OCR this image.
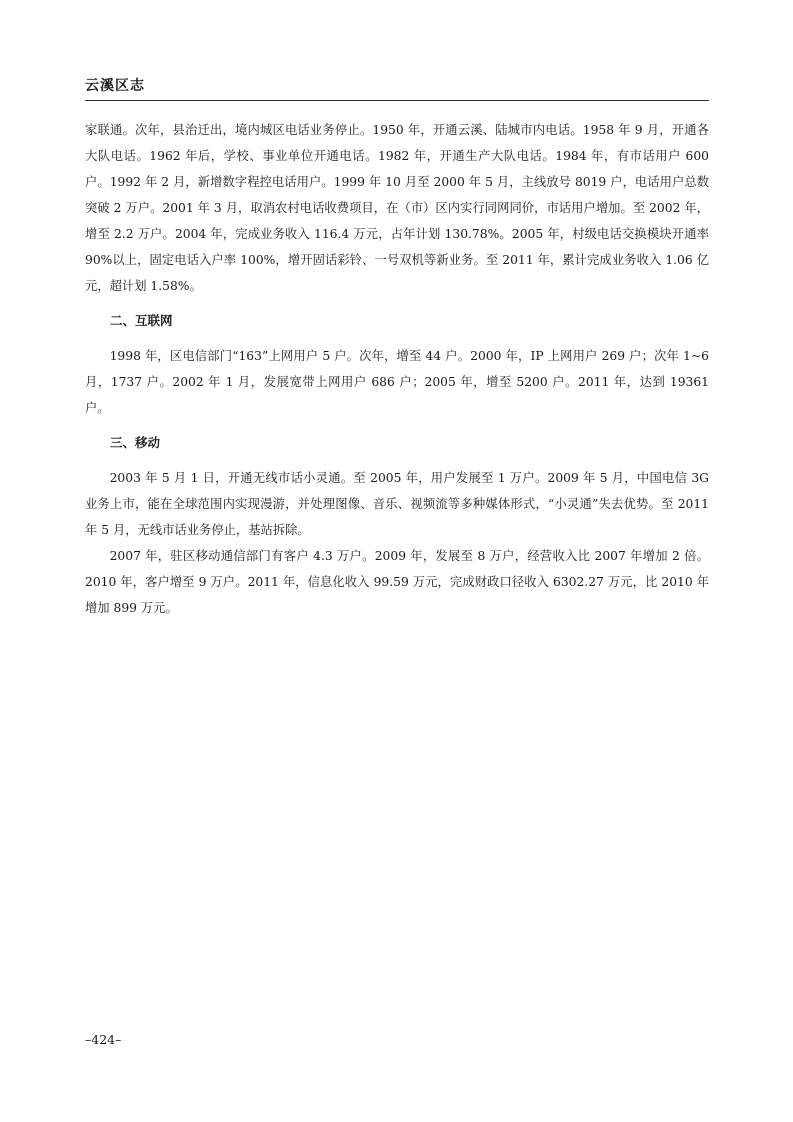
云溪区志

家联通。次年，县治迁出，境内城区电话业务停止。1950 年，开通云溪、陆城市内电话。1958 年 9 月，开通各大队电话。1962 年后，学校、事业单位开通电话。1982 年，开通生产大队电话。1984 年，有市话用户 600 户。1992 年 2 月，新增数字程控电话用户。1999 年 10 月至 2000 年 5 月，主线放号 8019 户，电话用户总数突破 2 万户。2001 年 3 月，取消农村电话收费项目，在（市）区内实行同网同价，市话用户增加。至 2002 年，增至 2.2 万户。2004 年，完成业务收入 116.4 万元，占年计划 130.78%。2005 年，村级电话交换模块开通率 90%以上，固定电话入户率 100%，增开固话彩铃、一号双机等新业务。至 2011 年，累计完成业务收入 1.06 亿元，超计划 1.58%。

二、互联网

1998 年，区电信部门“163”上网用户 5 户。次年，增至 44 户。2000 年，IP 上网用户 269 户；次年 1~6 月，1737 户。2002 年 1 月，发展宽带上网用户 686 户；2005 年，增至 5200 户。2011 年，达到 19361 户。

三、移动

2003 年 5 月 1 日，开通无线市话小灵通。至 2005 年，用户发展至 1 万户。2009 年 5 月，中国电信 3G 业务上市，能在全球范围内实现漫游，并处理图像、音乐、视频流等多种媒体形式，“小灵通”失去优势。至 2011 年 5 月，无线市话业务停止，基站拆除。

2007 年，驻区移动通信部门有客户 4.3 万户。2009 年，发展至 8 万户，经营收入比 2007 年增加 2 倍。2010 年，客户增至 9 万户。2011 年，信息化收入 99.59 万元，完成财政口径收入 6302.27 万元，比 2010 年增加 899 万元。

–424–
